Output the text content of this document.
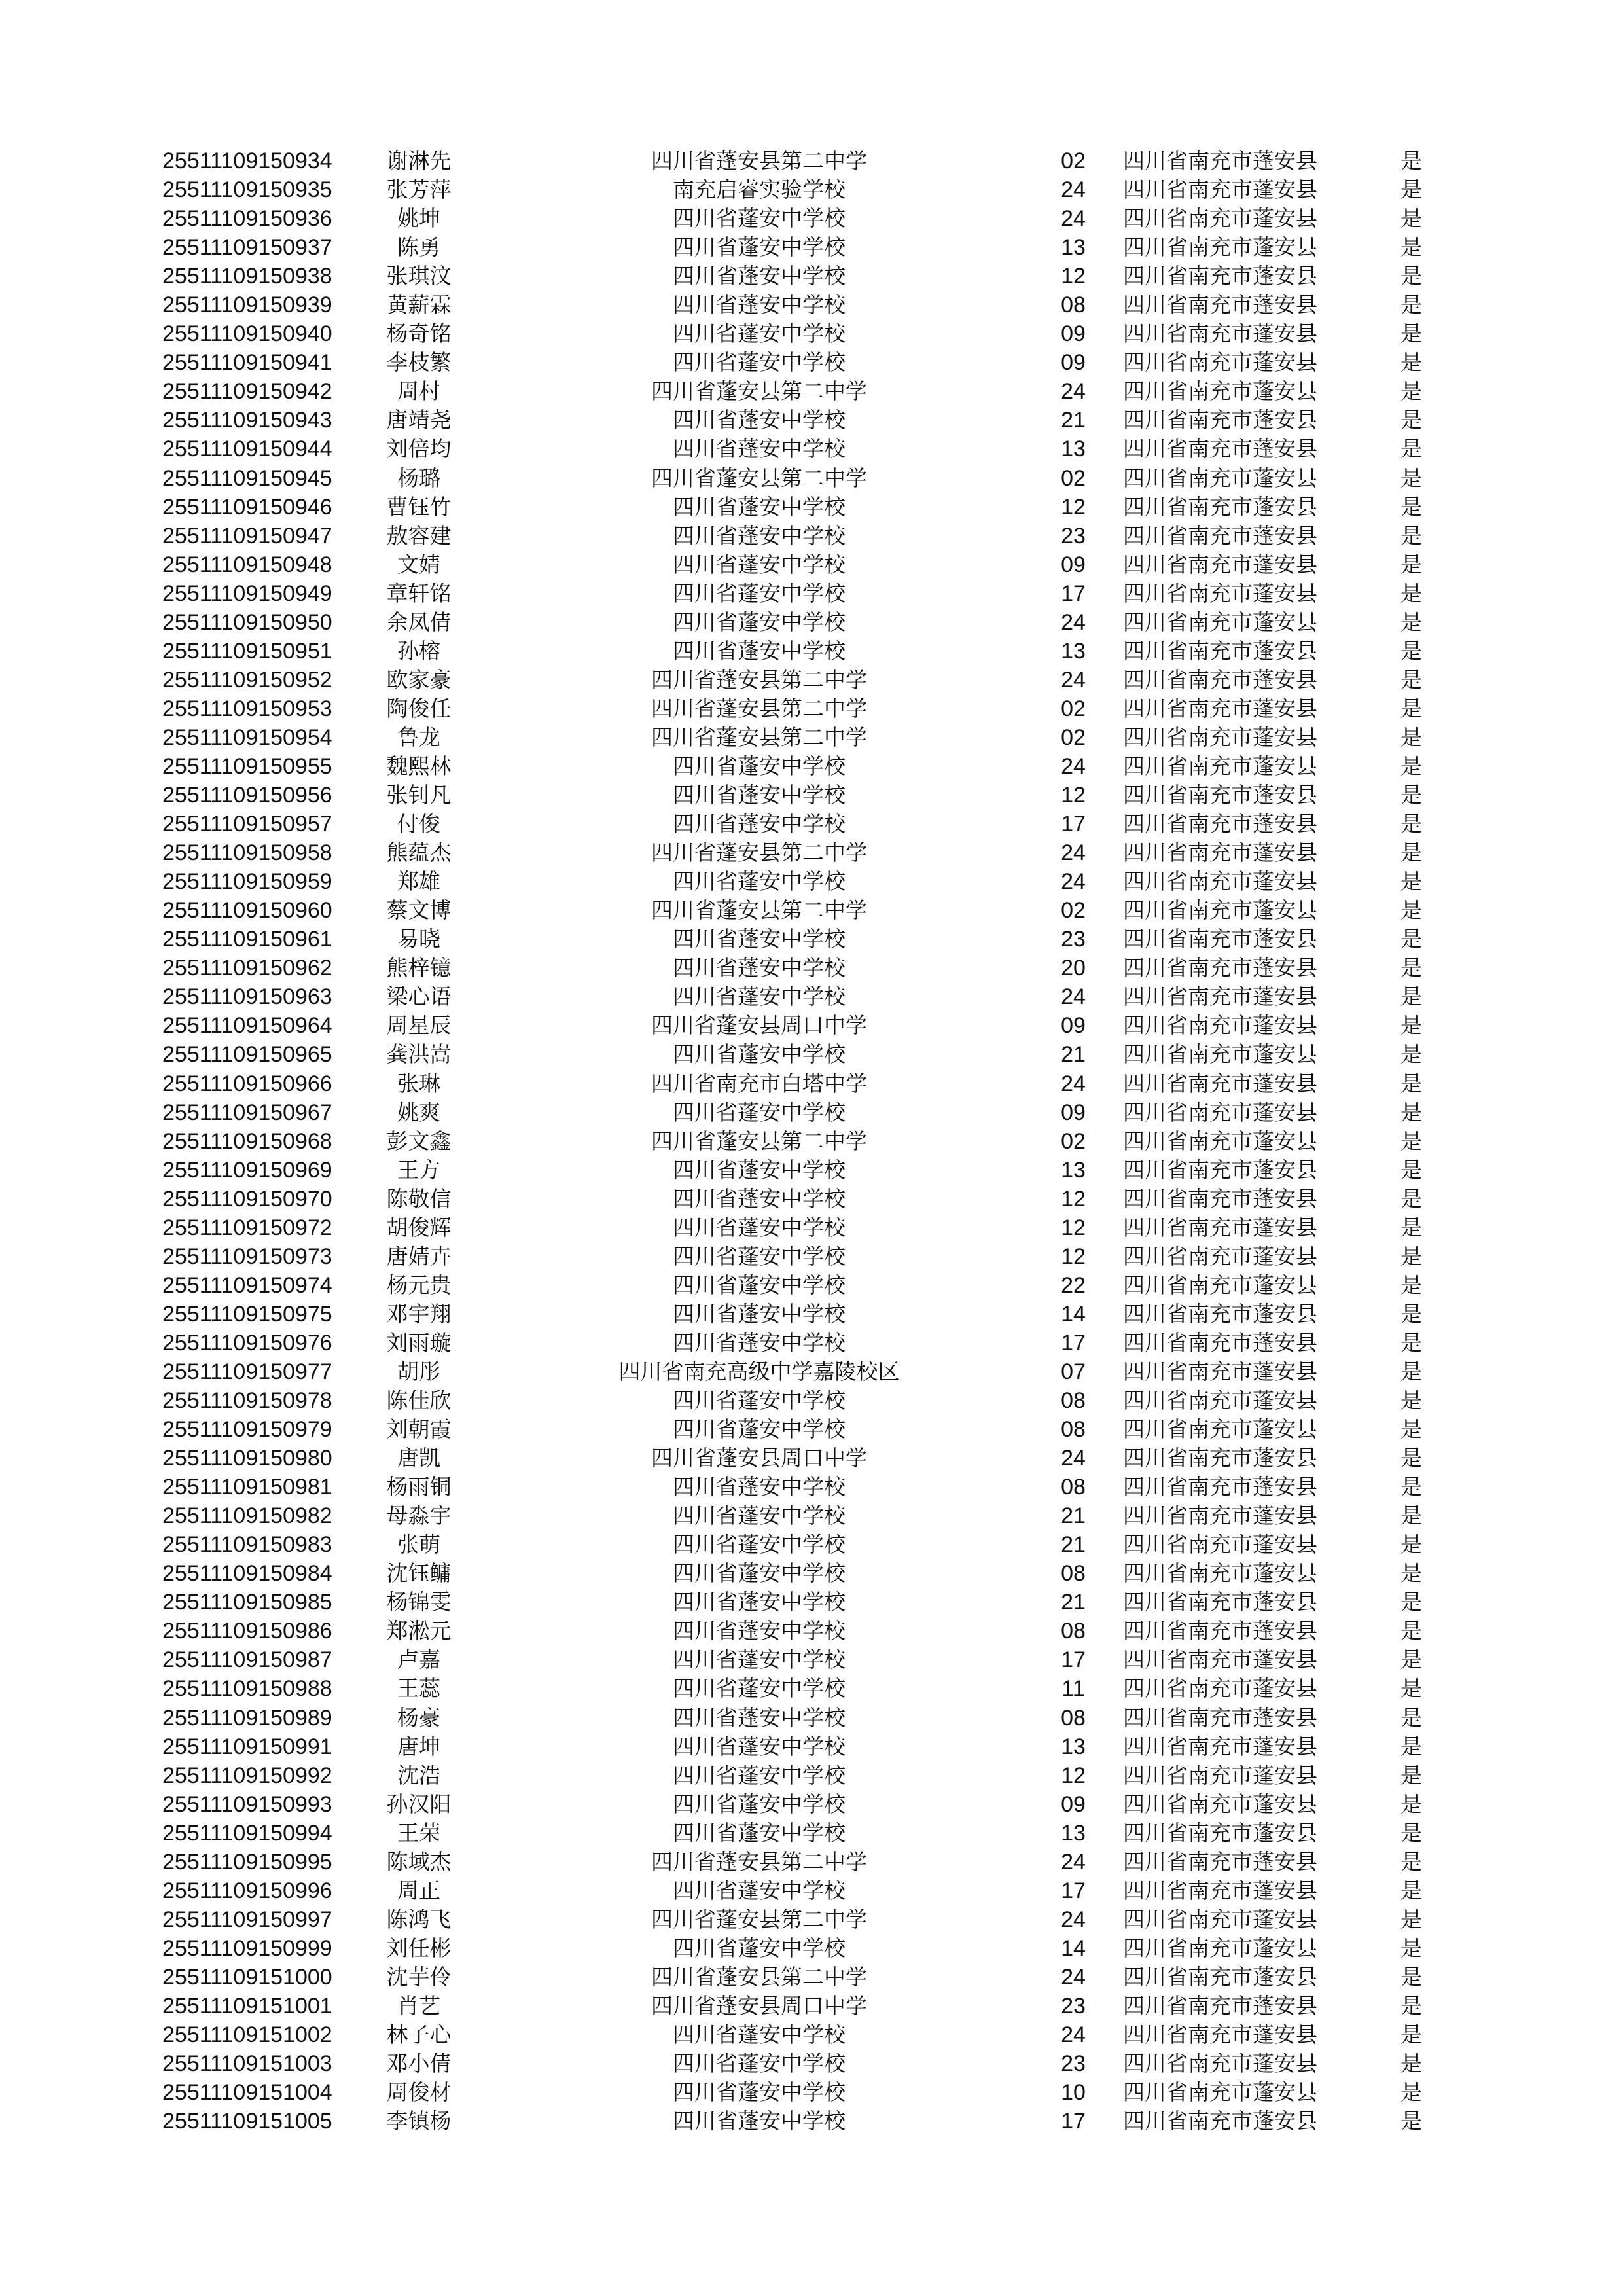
25511109150934	谢淋先	四川省蓬安县第二中学	02	四川省南充市蓬安县	是
25511109150935	张芳萍	南充启睿实验学校	24	四川省南充市蓬安县	是
25511109150936	姚坤	四川省蓬安中学校	24	四川省南充市蓬安县	是
25511109150937	陈勇	四川省蓬安中学校	13	四川省南充市蓬安县	是
25511109150938	张琪汶	四川省蓬安中学校	12	四川省南充市蓬安县	是
25511109150939	黄薪霖	四川省蓬安中学校	08	四川省南充市蓬安县	是
25511109150940	杨奇铭	四川省蓬安中学校	09	四川省南充市蓬安县	是
25511109150941	李枝繁	四川省蓬安中学校	09	四川省南充市蓬安县	是
25511109150942	周村	四川省蓬安县第二中学	24	四川省南充市蓬安县	是
25511109150943	唐靖尧	四川省蓬安中学校	21	四川省南充市蓬安县	是
25511109150944	刘倍均	四川省蓬安中学校	13	四川省南充市蓬安县	是
25511109150945	杨璐	四川省蓬安县第二中学	02	四川省南充市蓬安县	是
25511109150946	曹钰竹	四川省蓬安中学校	12	四川省南充市蓬安县	是
25511109150947	敖容建	四川省蓬安中学校	23	四川省南充市蓬安县	是
25511109150948	文婧	四川省蓬安中学校	09	四川省南充市蓬安县	是
25511109150949	章轩铭	四川省蓬安中学校	17	四川省南充市蓬安县	是
25511109150950	余凤倩	四川省蓬安中学校	24	四川省南充市蓬安县	是
25511109150951	孙榕	四川省蓬安中学校	13	四川省南充市蓬安县	是
25511109150952	欧家豪	四川省蓬安县第二中学	24	四川省南充市蓬安县	是
25511109150953	陶俊任	四川省蓬安县第二中学	02	四川省南充市蓬安县	是
25511109150954	鲁龙	四川省蓬安县第二中学	02	四川省南充市蓬安县	是
25511109150955	魏熙林	四川省蓬安中学校	24	四川省南充市蓬安县	是
25511109150956	张钊凡	四川省蓬安中学校	12	四川省南充市蓬安县	是
25511109150957	付俊	四川省蓬安中学校	17	四川省南充市蓬安县	是
25511109150958	熊蕴杰	四川省蓬安县第二中学	24	四川省南充市蓬安县	是
25511109150959	郑雄	四川省蓬安中学校	24	四川省南充市蓬安县	是
25511109150960	蔡文博	四川省蓬安县第二中学	02	四川省南充市蓬安县	是
25511109150961	易晓	四川省蓬安中学校	23	四川省南充市蓬安县	是
25511109150962	熊梓镱	四川省蓬安中学校	20	四川省南充市蓬安县	是
25511109150963	梁心语	四川省蓬安中学校	24	四川省南充市蓬安县	是
25511109150964	周星辰	四川省蓬安县周口中学	09	四川省南充市蓬安县	是
25511109150965	龚洪嵩	四川省蓬安中学校	21	四川省南充市蓬安县	是
25511109150966	张琳	四川省南充市白塔中学	24	四川省南充市蓬安县	是
25511109150967	姚爽	四川省蓬安中学校	09	四川省南充市蓬安县	是
25511109150968	彭文鑫	四川省蓬安县第二中学	02	四川省南充市蓬安县	是
25511109150969	王方	四川省蓬安中学校	13	四川省南充市蓬安县	是
25511109150970	陈敬信	四川省蓬安中学校	12	四川省南充市蓬安县	是
25511109150972	胡俊辉	四川省蓬安中学校	12	四川省南充市蓬安县	是
25511109150973	唐婧卉	四川省蓬安中学校	12	四川省南充市蓬安县	是
25511109150974	杨元贵	四川省蓬安中学校	22	四川省南充市蓬安县	是
25511109150975	邓宇翔	四川省蓬安中学校	14	四川省南充市蓬安县	是
25511109150976	刘雨璇	四川省蓬安中学校	17	四川省南充市蓬安县	是
25511109150977	胡彤	四川省南充高级中学嘉陵校区	07	四川省南充市蓬安县	是
25511109150978	陈佳欣	四川省蓬安中学校	08	四川省南充市蓬安县	是
25511109150979	刘朝霞	四川省蓬安中学校	08	四川省南充市蓬安县	是
25511109150980	唐凯	四川省蓬安县周口中学	24	四川省南充市蓬安县	是
25511109150981	杨雨铜	四川省蓬安中学校	08	四川省南充市蓬安县	是
25511109150982	母淼宇	四川省蓬安中学校	21	四川省南充市蓬安县	是
25511109150983	张萌	四川省蓬安中学校	21	四川省南充市蓬安县	是
25511109150984	沈钰鳙	四川省蓬安中学校	08	四川省南充市蓬安县	是
25511109150985	杨锦雯	四川省蓬安中学校	21	四川省南充市蓬安县	是
25511109150986	郑淞元	四川省蓬安中学校	08	四川省南充市蓬安县	是
25511109150987	卢嘉	四川省蓬安中学校	17	四川省南充市蓬安县	是
25511109150988	王蕊	四川省蓬安中学校	11	四川省南充市蓬安县	是
25511109150989	杨豪	四川省蓬安中学校	08	四川省南充市蓬安县	是
25511109150991	唐坤	四川省蓬安中学校	13	四川省南充市蓬安县	是
25511109150992	沈浩	四川省蓬安中学校	12	四川省南充市蓬安县	是
25511109150993	孙汉阳	四川省蓬安中学校	09	四川省南充市蓬安县	是
25511109150994	王荣	四川省蓬安中学校	13	四川省南充市蓬安县	是
25511109150995	陈域杰	四川省蓬安县第二中学	24	四川省南充市蓬安县	是
25511109150996	周正	四川省蓬安中学校	17	四川省南充市蓬安县	是
25511109150997	陈鸿飞	四川省蓬安县第二中学	24	四川省南充市蓬安县	是
25511109150999	刘任彬	四川省蓬安中学校	14	四川省南充市蓬安县	是
25511109151000	沈芋伶	四川省蓬安县第二中学	24	四川省南充市蓬安县	是
25511109151001	肖艺	四川省蓬安县周口中学	23	四川省南充市蓬安县	是
25511109151002	林子心	四川省蓬安中学校	24	四川省南充市蓬安县	是
25511109151003	邓小倩	四川省蓬安中学校	23	四川省南充市蓬安县	是
25511109151004	周俊材	四川省蓬安中学校	10	四川省南充市蓬安县	是
25511109151005	李镇杨	四川省蓬安中学校	17	四川省南充市蓬安县	是
